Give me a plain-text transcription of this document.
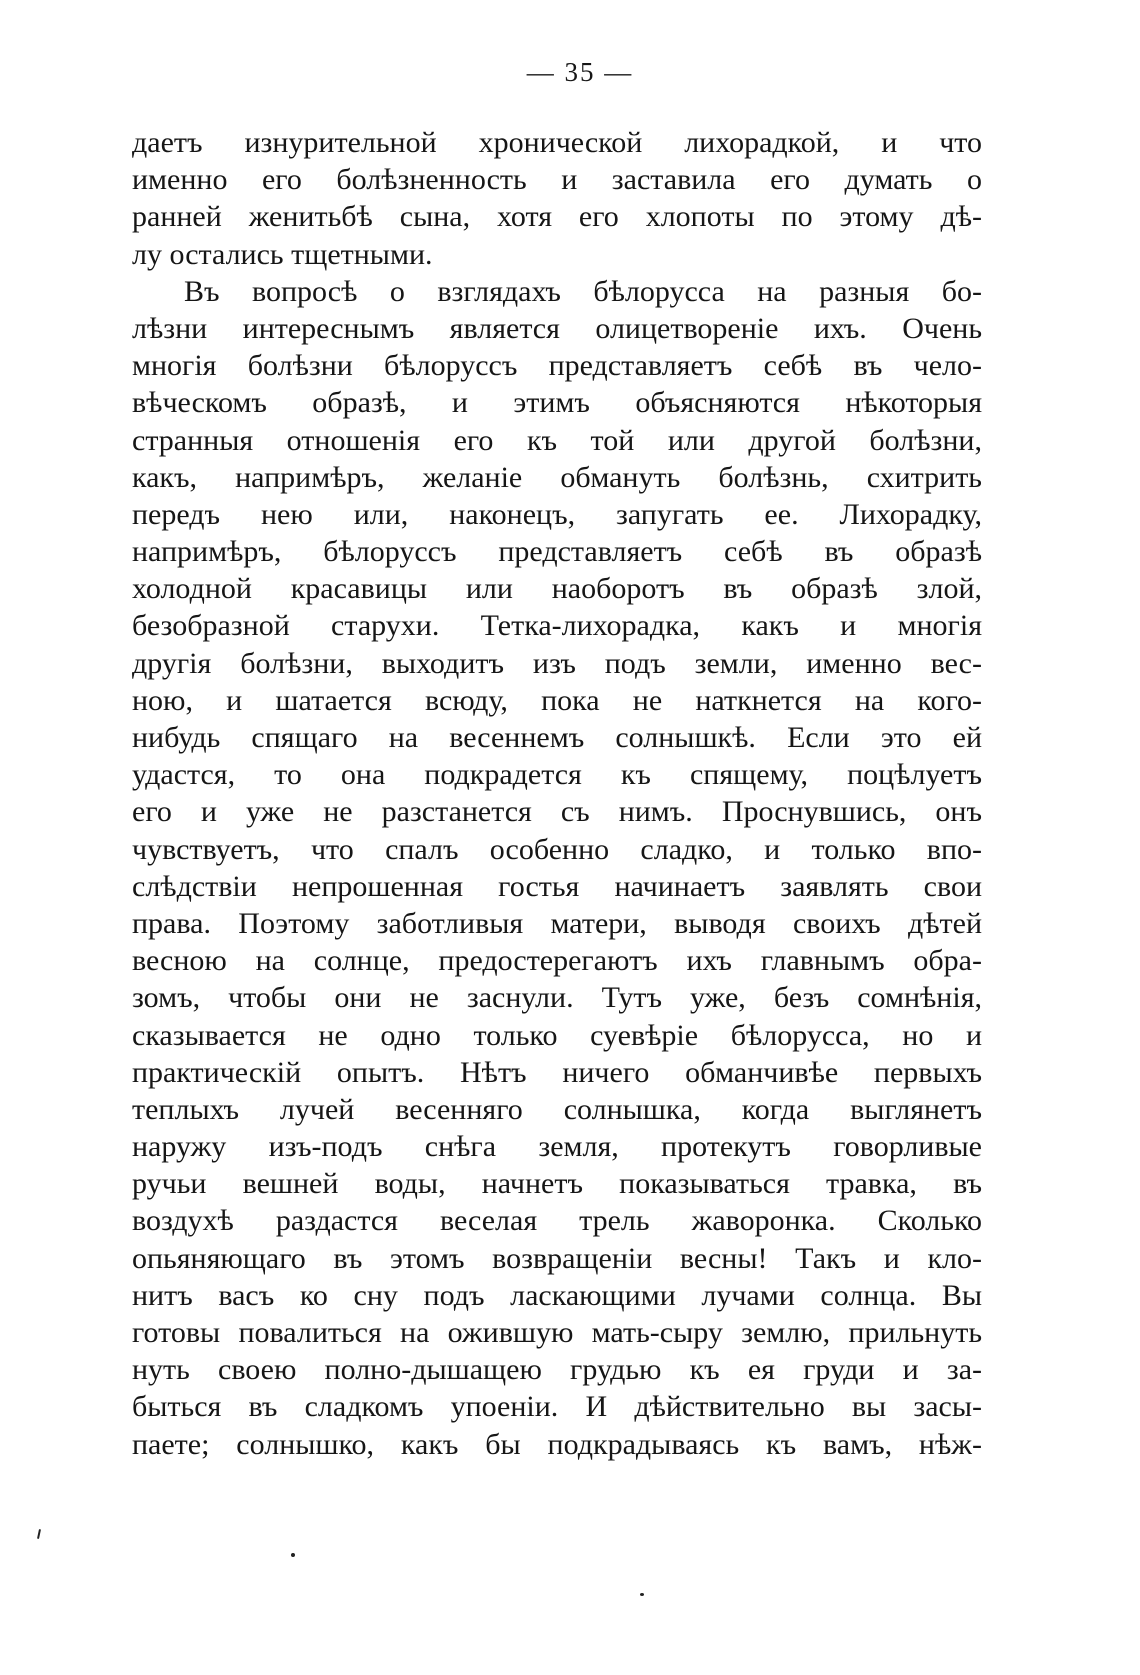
— 35 —
даетъ изнурительной хронической лихорадкой, и что
именно его болѣзненность и заставила его думать о
ранней женитьбѣ сына, хотя его хлопоты по этому дѣ-
лу остались тщетными.
Въ вопросѣ о взглядахъ бѣлорусса на разныя бо-
лѣзни интереснымъ является олицетвореніе ихъ. Очень
многія болѣзни бѣлоруссъ представляетъ себѣ въ чело-
вѣческомъ образѣ, и этимъ объясняются нѣкоторыя
странныя отношенія его къ той или другой болѣзни,
какъ, напримѣръ, желаніе обмануть болѣзнь, схитрить
передъ нею или, наконецъ, запугать ее. Лихорадку,
напримѣръ, бѣлоруссъ представляетъ себѣ въ образѣ
холодной красавицы или наоборотъ въ образѣ злой,
безобразной старухи. Тетка-лихорадка, какъ и многія
другія болѣзни, выходитъ изъ подъ земли, именно вес-
ною, и шатается всюду, пока не наткнется на кого-
нибудь спящаго на весеннемъ солнышкѣ. Если это ей
удастся, то она подкрадется къ спящему, поцѣлуетъ
его и уже не разстанется съ нимъ. Проснувшись, онъ
чувствуетъ, что спалъ особенно сладко, и только впо-
слѣдствіи непрошенная гостья начинаетъ заявлять свои
права. Поэтому заботливыя матери, выводя своихъ дѣтей
весною на солнце, предостерегаютъ ихъ главнымъ обра-
зомъ, чтобы они не заснули. Тутъ уже, безъ сомнѣнія,
сказывается не одно только суевѣріе бѣлорусса, но и
практическій опытъ. Нѣтъ ничего обманчивѣе первыхъ
теплыхъ лучей весенняго солнышка, когда выглянетъ
наружу изъ-подъ снѣга земля, протекутъ говорливые
ручьи вешней воды, начнетъ показываться травка, въ
воздухѣ раздастся веселая трель жаворонка. Сколько
опьяняющаго въ этомъ возвращеніи весны! Такъ и кло-
нитъ васъ ко сну подъ ласкающими лучами солнца. Вы
готовы повалиться на ожившую мать-сыру землю, прильнуть
нуть своею полно-дышащею грудью къ ея груди и за-
быться въ сладкомъ упоеніи. И дѣйствительно вы засы-
паете; солнышко, какъ бы подкрадываясь къ вамъ, нѣж-
